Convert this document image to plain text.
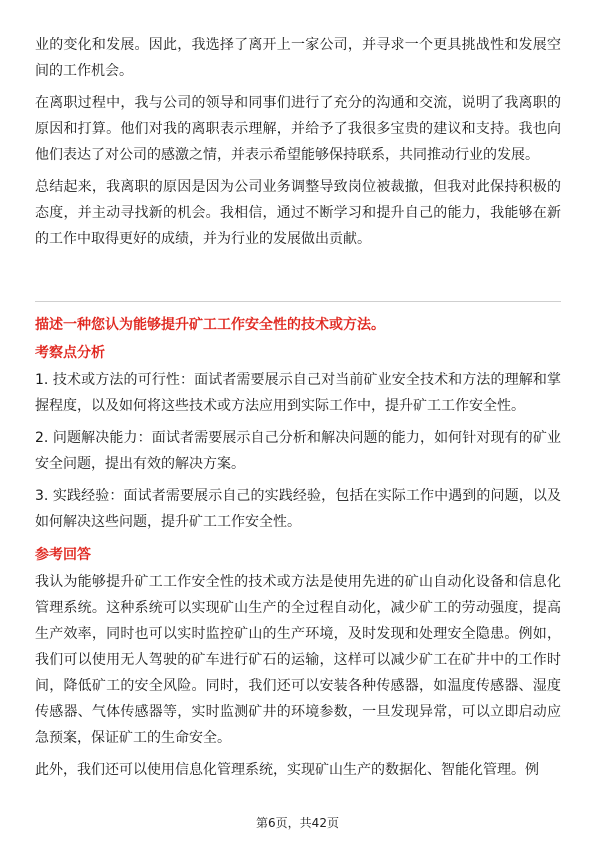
业的变化和发展。因此，我选择了离开上一家公司，并寻求一个更具挑战性和发展空间的工作机会。

在离职过程中，我与公司的领导和同事们进行了充分的沟通和交流，说明了我离职的原因和打算。他们对我的离职表示理解，并给予了我很多宝贵的建议和支持。我也向他们表达了对公司的感激之情，并表示希望能够保持联系，共同推动行业的发展。

总结起来，我离职的原因是因为公司业务调整导致岗位被裁撤，但我对此保持积极的态度，并主动寻找新的机会。我相信，通过不断学习和提升自己的能力，我能够在新的工作中取得更好的成绩，并为行业的发展做出贡献。

描述一种您认为能够提升矿工工作安全性的技术或方法。

考察点分析

1. 技术或方法的可行性：面试者需要展示自己对当前矿业安全技术和方法的理解和掌握程度，以及如何将这些技术或方法应用到实际工作中，提升矿工工作安全性。

2. 问题解决能力：面试者需要展示自己分析和解决问题的能力，如何针对现有的矿业安全问题，提出有效的解决方案。

3. 实践经验：面试者需要展示自己的实践经验，包括在实际工作中遇到的问题，以及如何解决这些问题，提升矿工工作安全性。

参考回答

我认为能够提升矿工工作安全性的技术或方法是使用先进的矿山自动化设备和信息化管理系统。这种系统可以实现矿山生产的全过程自动化，减少矿工的劳动强度，提高生产效率，同时也可以实时监控矿山的生产环境，及时发现和处理安全隐患。例如，我们可以使用无人驾驶的矿车进行矿石的运输，这样可以减少矿工在矿井中的工作时间，降低矿工的安全风险。同时，我们还可以安装各种传感器，如温度传感器、湿度传感器、气体传感器等，实时监测矿井的环境参数，一旦发现异常，可以立即启动应急预案，保证矿工的生命安全。

此外，我们还可以使用信息化管理系统，实现矿山生产的数据化、智能化管理。例

第6页，共42页
